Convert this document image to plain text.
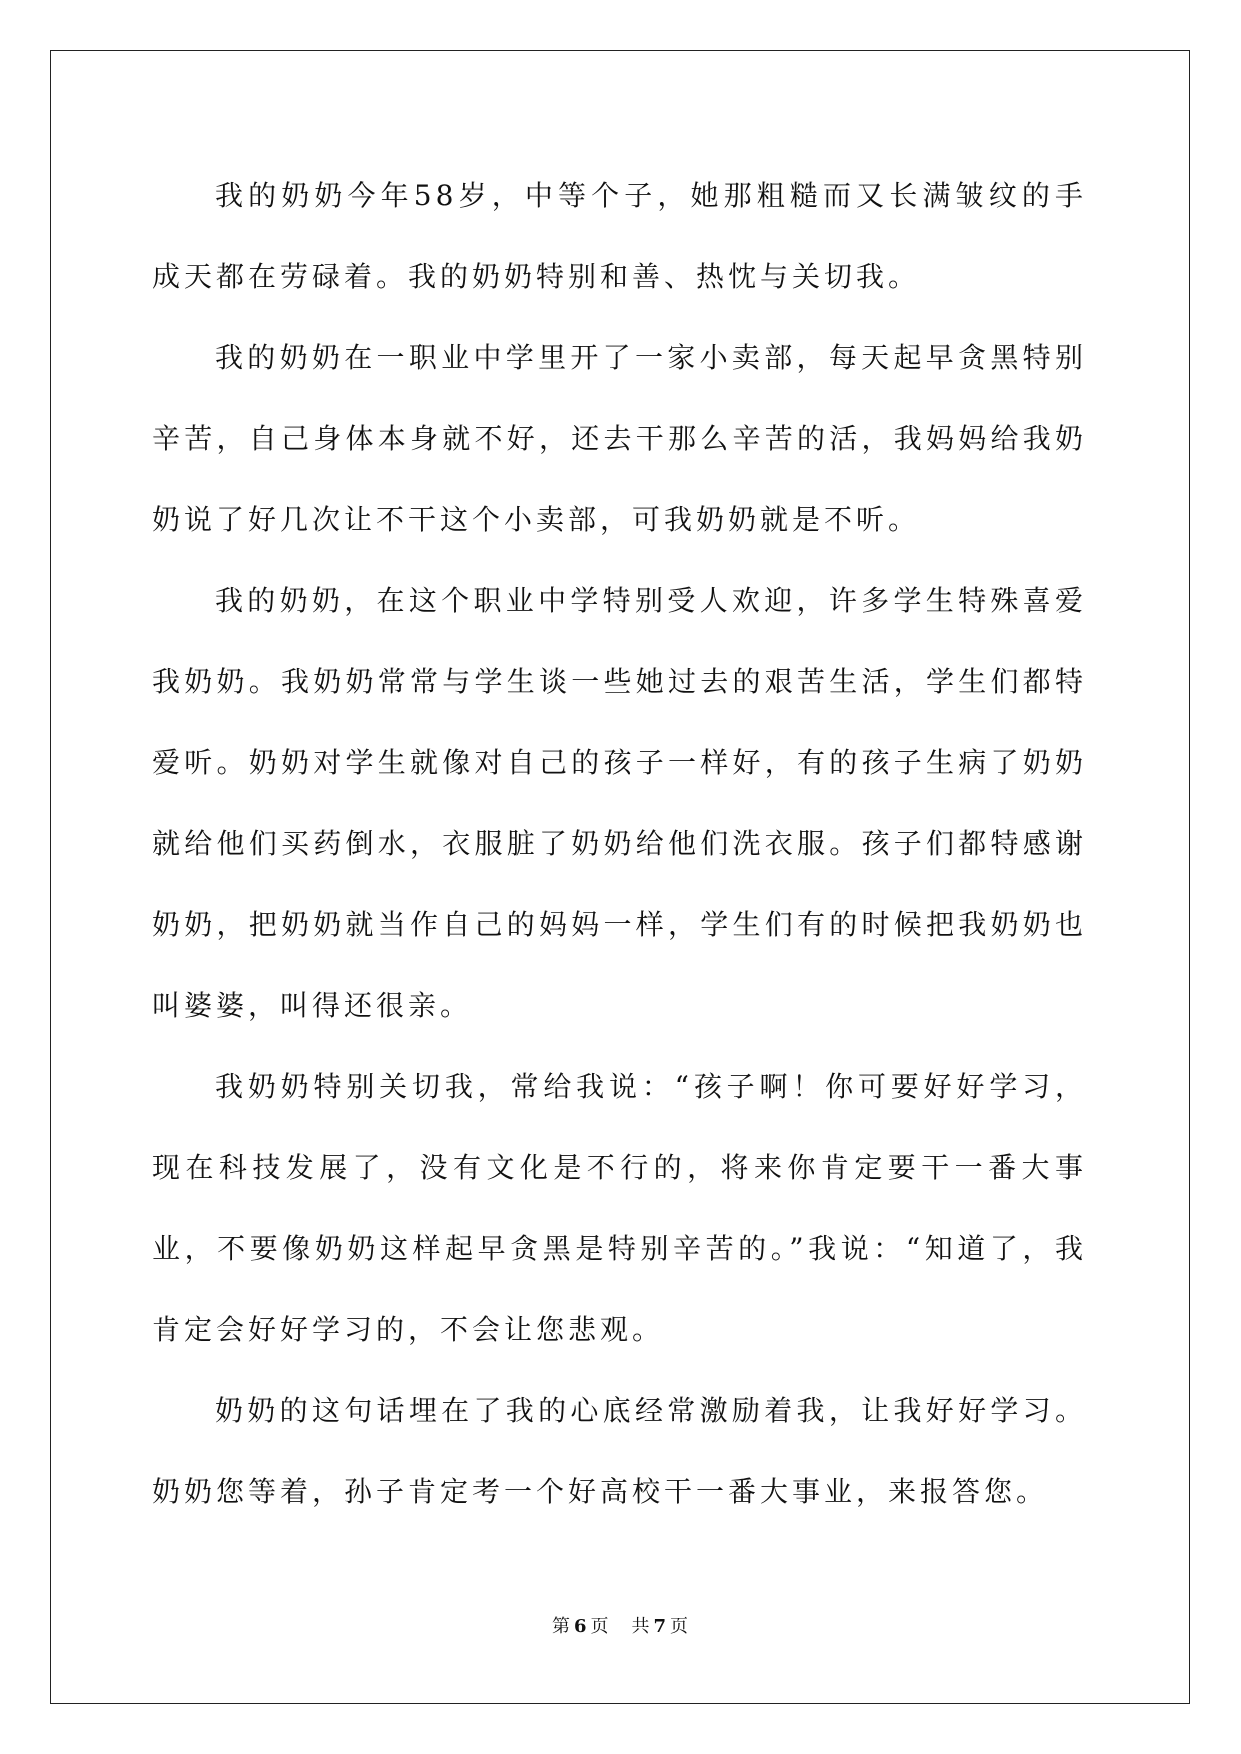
我的奶奶今年58岁，中等个子，她那粗糙而又长满皱纹的手成天都在劳碌着。我的奶奶特别和善、热忱与关切我。

我的奶奶在一职业中学里开了一家小卖部，每天起早贪黑特别辛苦，自己身体本身就不好，还去干那么辛苦的活，我妈妈给我奶奶说了好几次让不干这个小卖部，可我奶奶就是不听。

我的奶奶，在这个职业中学特别受人欢迎，许多学生特殊喜爱我奶奶。我奶奶常常与学生谈一些她过去的艰苦生活，学生们都特爱听。奶奶对学生就像对自己的孩子一样好，有的孩子生病了奶奶就给他们买药倒水，衣服脏了奶奶给他们洗衣服。孩子们都特感谢奶奶，把奶奶就当作自己的妈妈一样，学生们有的时候把我奶奶也叫婆婆，叫得还很亲。

我奶奶特别关切我，常给我说：“孩子啊！你可要好好学习，现在科技发展了，没有文化是不行的，将来你肯定要干一番大事业，不要像奶奶这样起早贪黑是特别辛苦的。”我说：“知道了，我肯定会好好学习的，不会让您悲观。

奶奶的这句话埋在了我的心底经常激励着我，让我好好学习。奶奶您等着，孙子肯定考一个好高校干一番大事业，来报答您。

第 6 页 共 7 页
